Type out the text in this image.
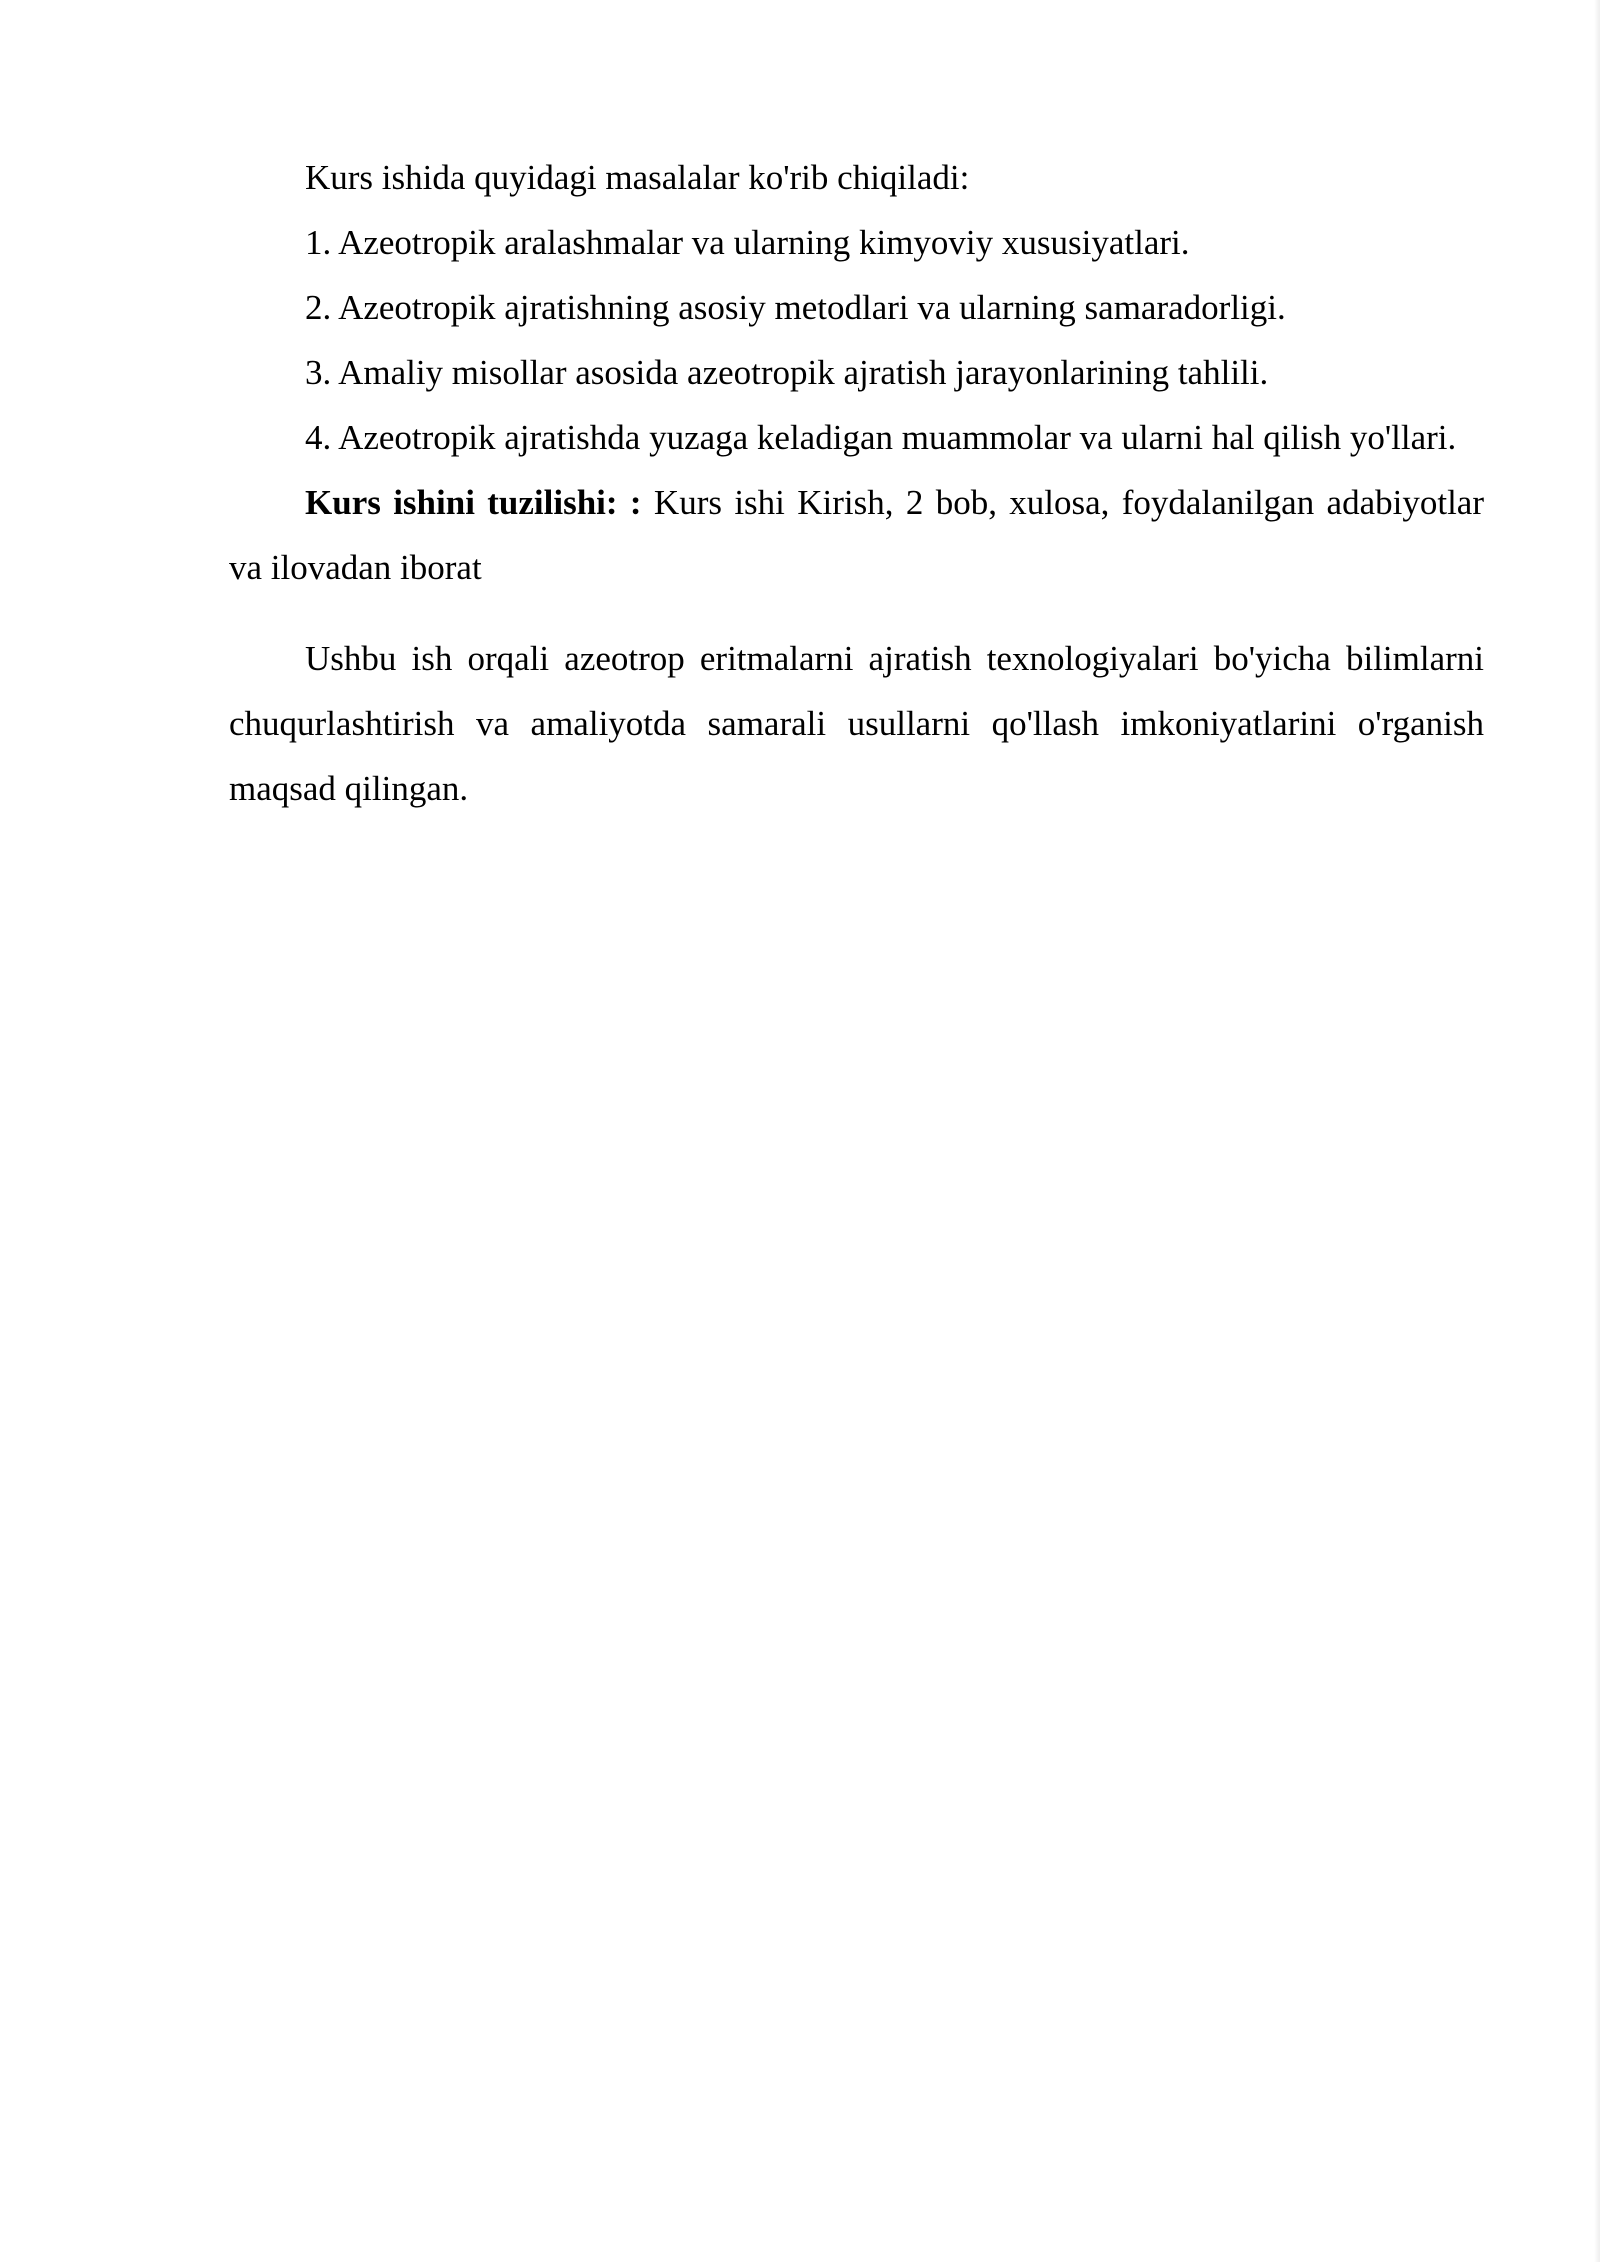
Kurs ishida quyidagi masalalar ko'rib chiqiladi:

1. Azeotropik aralashmalar va ularning kimyoviy xususiyatlari.

2. Azeotropik ajratishning asosiy metodlari va ularning samaradorligi.

3. Amaliy misollar asosida azeotropik ajratish jarayonlarining tahlili.

4. Azeotropik ajratishda yuzaga keladigan muammolar va ularni hal qilish yo'llari.

Kurs ishini tuzilishi: : Kurs ishi Kirish, 2 bob, xulosa, foydalanilgan adabiyotlar va ilovadan iborat

Ushbu ish orqali azeotrop eritmalarni ajratish texnologiyalari bo'yicha bilimlarni chuqurlashtirish va amaliyotda samarali usullarni qo'llash imkoniyatlarini o'rganish maqsad qilingan.
